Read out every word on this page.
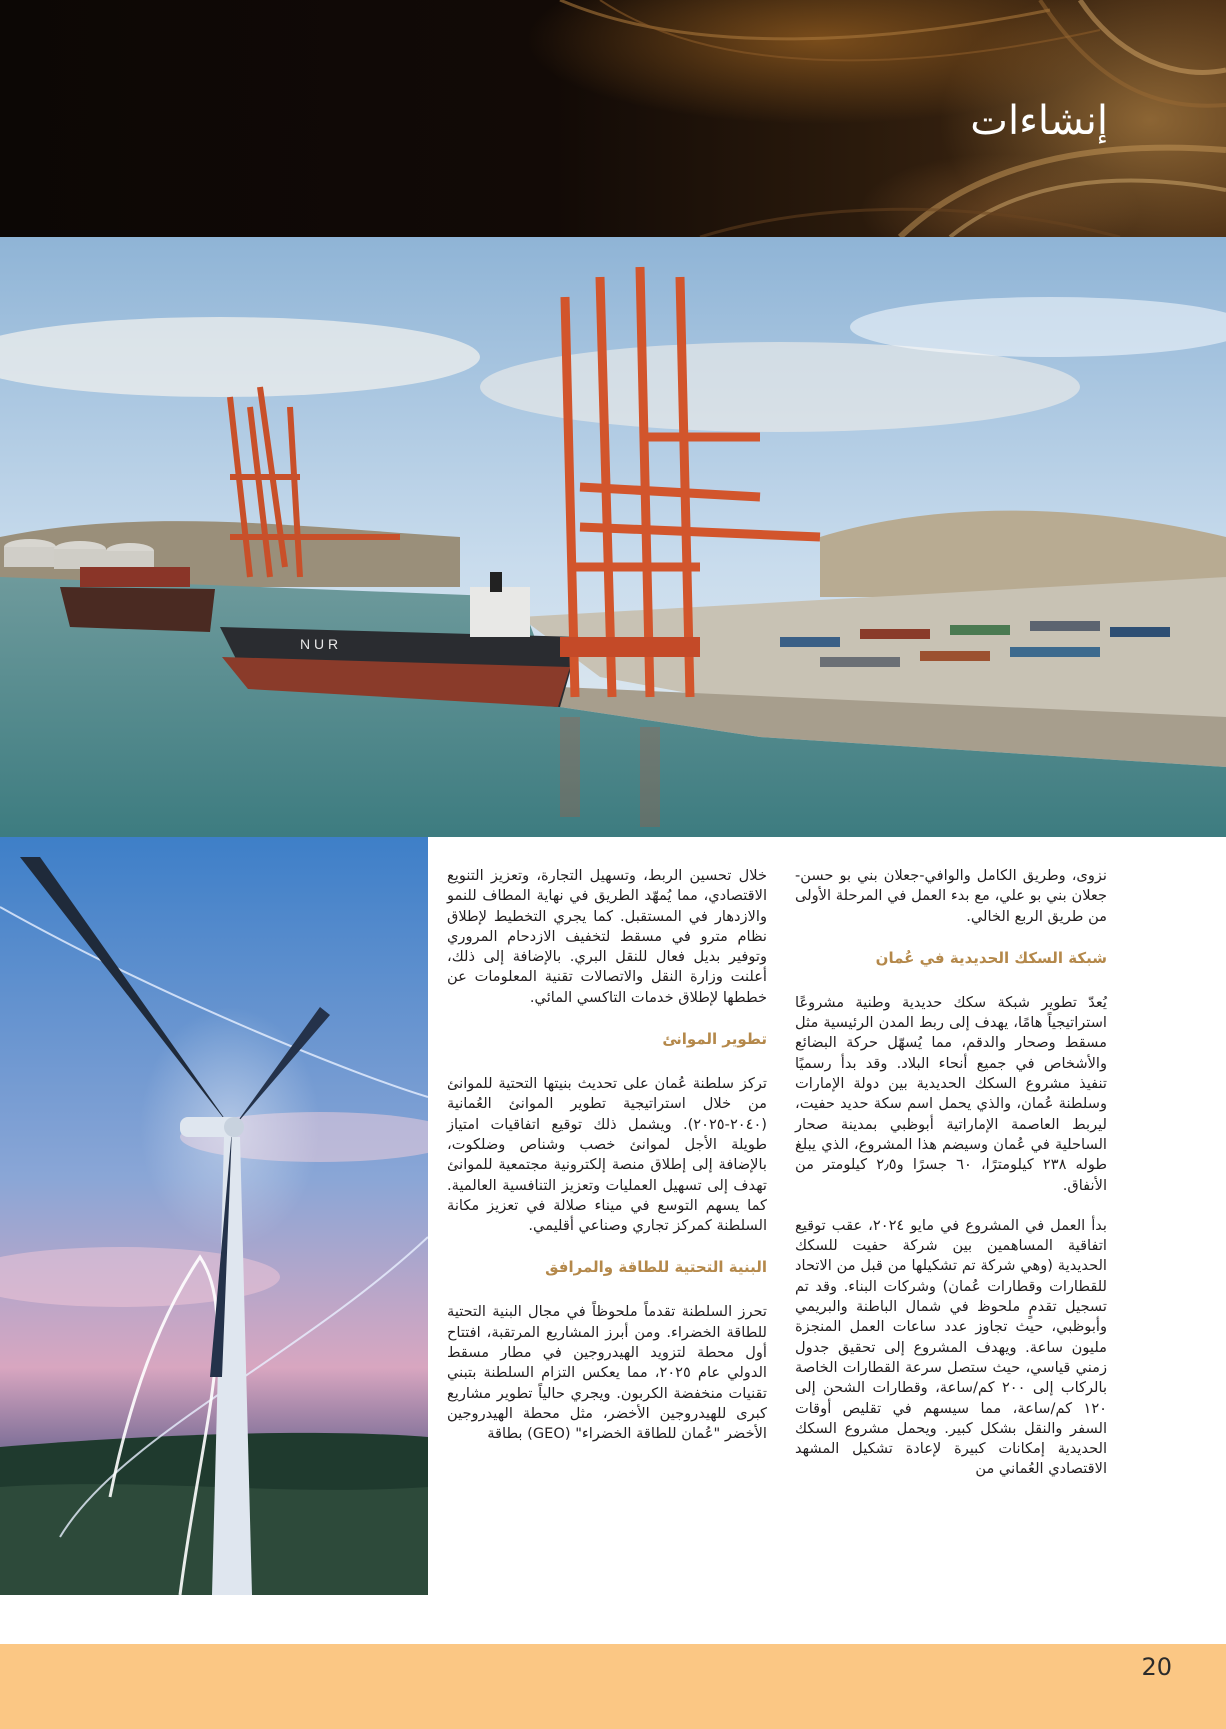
إنشاءات
N U R

نزوى، وطريق الكامل والوافي-جعلان بني بو حسن-جعلان بني بو علي، مع بدء العمل في المرحلة الأولى من طريق الربع الخالي.

شبكة السكك الحديدية في عُمان

يُعدّ تطوير شبكة سكك حديدية وطنية مشروعًا استراتيجياً هامًا، يهدف إلى ربط المدن الرئيسية مثل مسقط وصحار والدقم، مما يُسهّل حركة البضائع والأشخاص في جميع أنحاء البلاد. وقد بدأ رسميًا تنفيذ مشروع السكك الحديدية بين دولة الإمارات وسلطنة عُمان، والذي يحمل اسم سكة حديد حفيت، ليربط العاصمة الإماراتية أبوظبي بمدينة صحار الساحلية في عُمان وسيضم هذا المشروع، الذي يبلغ طوله ٢٣٨ كيلومترًا، ٦٠ جسرًا و٢٫٥ كيلومتر من الأنفاق.

بدأ العمل في المشروع في مايو ٢٠٢٤، عقب توقيع اتفاقية المساهمين بين شركة حفيت للسكك الحديدية (وهي شركة تم تشكيلها من قبل من الاتحاد للقطارات وقطارات عُمان) وشركات البناء. وقد تم تسجيل تقدمٍ ملحوظ في شمال الباطنة والبريمي وأبوظبي، حيث تجاوز عدد ساعات العمل المنجزة مليون ساعة. ويهدف المشروع إلى تحقيق جدول زمني قياسي، حيث ستصل سرعة القطارات الخاصة بالركاب إلى ٢٠٠ كم/ساعة، وقطارات الشحن إلى ١٢٠ كم/ساعة، مما سيسهم في تقليص أوقات السفر والنقل بشكل كبير. ويحمل مشروع السكك الحديدية إمكانات كبيرة لإعادة تشكيل المشهد الاقتصادي العُماني من

خلال تحسين الربط، وتسهيل التجارة، وتعزيز التنويع الاقتصادي، مما يُمهّد الطريق في نهاية المطاف للنمو والازدهار في المستقبل. كما يجري التخطيط لإطلاق نظام مترو في مسقط لتخفيف الازدحام المروري وتوفير بديل فعال للنقل البري. بالإضافة إلى ذلك، أعلنت وزارة النقل والاتصالات تقنية المعلومات عن خططها لإطلاق خدمات التاكسي المائي.

تطوير الموانئ

تركز سلطنة عُمان على تحديث بنيتها التحتية للموانئ من خلال استراتيجية تطوير الموانئ العُمانية (٢٠٤٠-٢٠٢٥). ويشمل ذلك توقيع اتفاقيات امتياز طويلة الأجل لموانئ خصب وشناص وضلكوت، بالإضافة إلى إطلاق منصة إلكترونية مجتمعية للموانئ تهدف إلى تسهيل العمليات وتعزيز التنافسية العالمية. كما يسهم التوسع في ميناء صلالة في تعزيز مكانة السلطنة كمركز تجاري وصناعي أقليمي.

البنية التحتية للطاقة والمرافق

تحرز السلطنة تقدماً ملحوظاً في مجال البنية التحتية للطاقة الخضراء. ومن أبرز المشاريع المرتقبة، افتتاح أول محطة لتزويد الهيدروجين في مطار مسقط الدولي عام ٢٠٢٥، مما يعكس التزام السلطنة بتبني تقنيات منخفضة الكربون. ويجري حالياً تطوير مشاريع كبرى للهيدروجين الأخضر، مثل محطة الهيدروجين الأخضر "عُمان للطاقة الخضراء" (GEO) بطاقة

20
